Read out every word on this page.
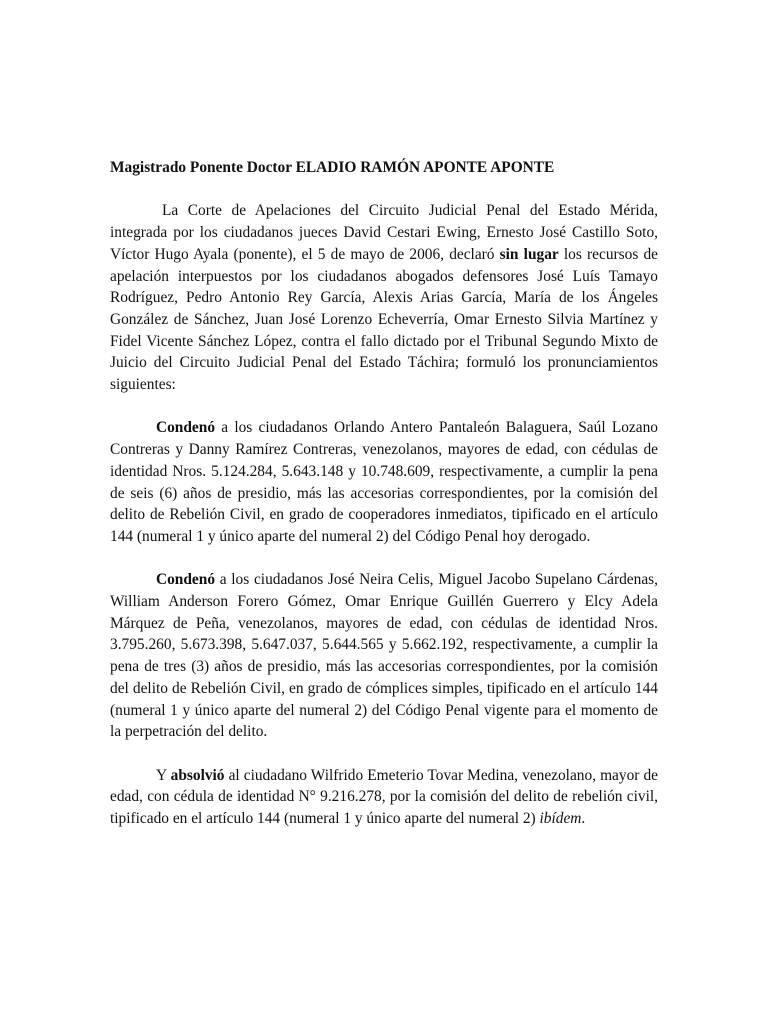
Magistrado Ponente Doctor ELADIO RAMÓN APONTE APONTE

La Corte de Apelaciones del Circuito Judicial Penal del Estado Mérida, integrada por los ciudadanos jueces David Cestari Ewing, Ernesto José Castillo Soto, Víctor Hugo Ayala (ponente), el 5 de mayo de 2006, declaró sin lugar los recursos de apelación interpuestos por los ciudadanos abogados defensores José Luís Tamayo Rodríguez, Pedro Antonio Rey García, Alexis Arias García, María de los Ángeles González de Sánchez, Juan José Lorenzo Echeverría, Omar Ernesto Silvia Martínez y Fidel Vicente Sánchez López, contra el fallo dictado por el Tribunal Segundo Mixto de Juicio del Circuito Judicial Penal del Estado Táchira; formuló los pronunciamientos siguientes:

Condenó a los ciudadanos Orlando Antero Pantaleón Balaguera, Saúl Lozano Contreras y Danny Ramírez Contreras, venezolanos, mayores de edad, con cédulas de identidad Nros. 5.124.284, 5.643.148 y 10.748.609, respectivamente, a cumplir la pena de seis (6) años de presidio, más las accesorias correspondientes, por la comisión del delito de Rebelión Civil, en grado de cooperadores inmediatos, tipificado en el artículo 144 (numeral 1 y único aparte del numeral 2) del Código Penal hoy derogado.

Condenó a los ciudadanos José Neira Celis, Miguel Jacobo Supelano Cárdenas, William Anderson Forero Gómez, Omar Enrique Guillén Guerrero y Elcy Adela Márquez de Peña, venezolanos, mayores de edad, con cédulas de identidad Nros. 3.795.260, 5.673.398, 5.647.037, 5.644.565 y 5.662.192, respectivamente, a cumplir la pena de tres (3) años de presidio, más las accesorias correspondientes, por la comisión del delito de Rebelión Civil, en grado de cómplices simples, tipificado en el artículo 144 (numeral 1 y único aparte del numeral 2) del Código Penal vigente para el momento de la perpetración del delito.

Y absolvió al ciudadano Wilfrido Emeterio Tovar Medina, venezolano, mayor de edad, con cédula de identidad N° 9.216.278, por la comisión del delito de rebelión civil, tipificado en el artículo 144 (numeral 1 y único aparte del numeral 2) ibídem.
